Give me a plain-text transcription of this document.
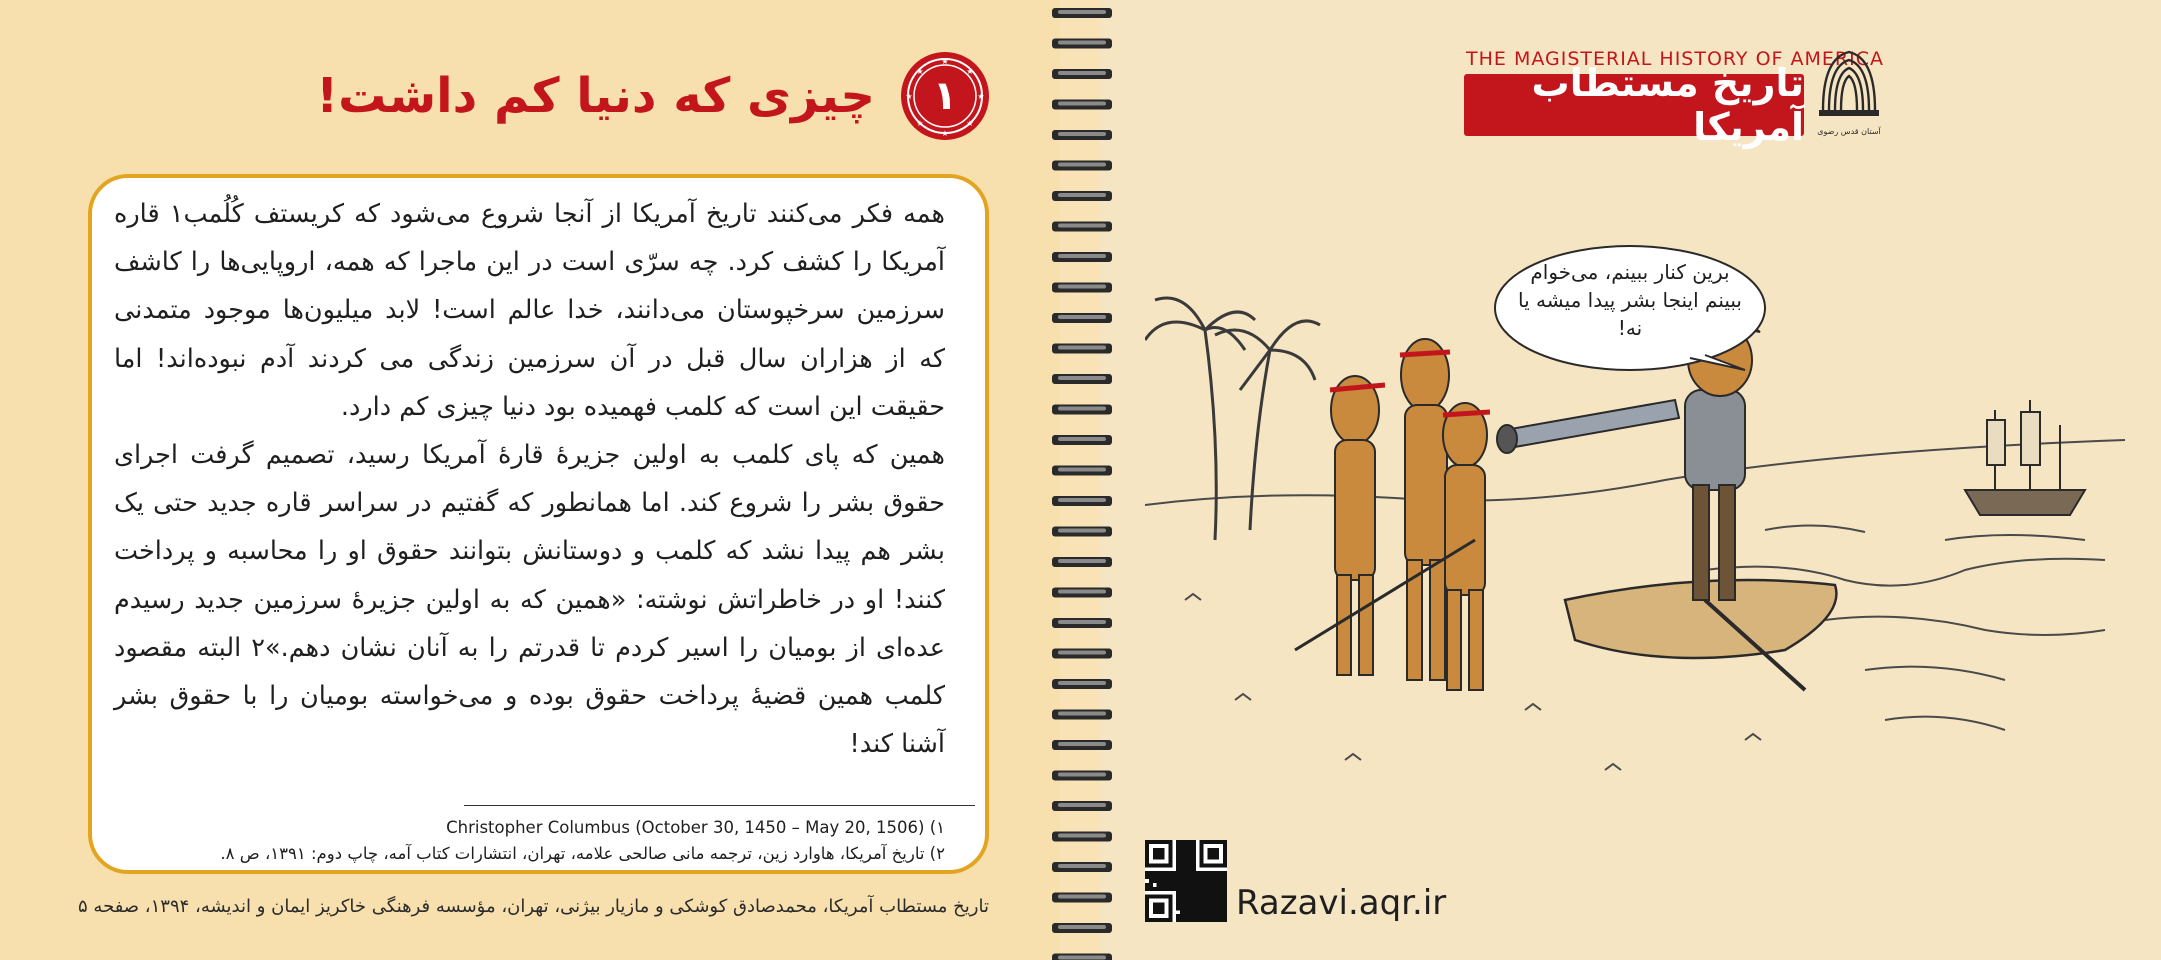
★
★
★	★
★	★
★	★
۱
چیزی که دنیا کم داشت!

همه فکر می‌کنند تاریخ آمریکا از آنجا شروع می‌شود که کریستف کُلُمب۱ قاره آمریکا را کشف کرد. چه سرّی است در این ماجرا که همه، اروپایی‌ها را کاشف سرزمین سرخپوستان می‌دانند، خدا عالم است! لابد میلیون‌ها موجود متمدنی که از هزاران سال قبل در آن سرزمین زندگی می کردند آدم نبوده‌اند! اما حقیقت این است که کلمب فهمیده بود دنیا چیزی کم دارد.

همین که پای کلمب به اولین جزیرهٔ قارهٔ آمریکا رسید، تصمیم گرفت اجرای حقوق بشر را شروع کند. اما همانطور که گفتیم در سراسر قاره جدید حتی یک بشر هم پیدا نشد که کلمب و دوستانش بتوانند حقوق او را محاسبه و پرداخت کنند! او در خاطراتش نوشته: «همین که به اولین جزیرهٔ سرزمین جدید رسیدم عده‌ای از بومیان را اسیر کردم تا قدرتم را به آنان نشان دهم.»۲ البته مقصود کلمب همین قضیهٔ پرداخت حقوق بوده و می‌خواسته بومیان را با حقوق بشر آشنا کند!

۱) Christopher Columbus (October 30, 1450 – May 20, 1506)
۲) تاریخ آمریکا، هاوارد زین، ترجمه مانی صالحی علامه، تهران، انتشارات کتاب آمه، چاپ دوم: ۱۳۹۱، ص ۸.
تاریخ مستطاب آمریکا، محمدصادق کوشکی و مازیار بیژنی، تهران، مؤسسه فرهنگی خاکریز ایمان و اندیشه، ۱۳۹۴، صفحه ۵
THE MAGISTERIAL HISTORY OF AMERICA
تاریخ مستطاب آمریکا آستان قدس رضوی
برین کنار ببینم، می‌خوام ببینم اینجا بشر پیدا میشه یا نه!
Razavi.aqr.ir
